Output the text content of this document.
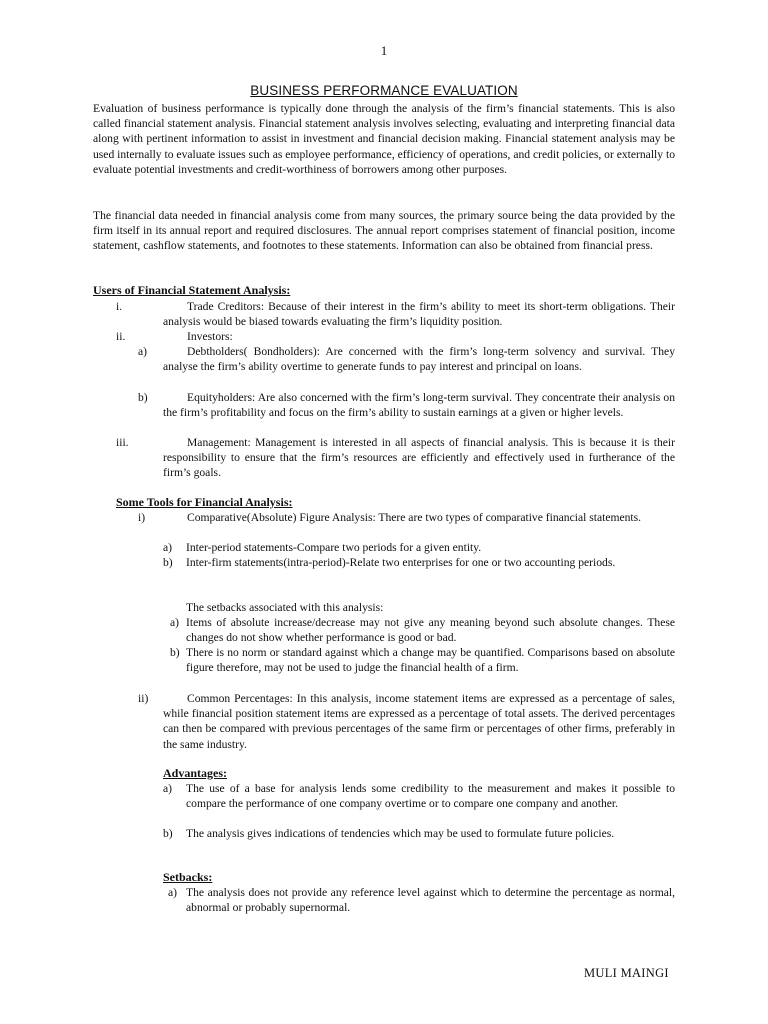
1
BUSINESS PERFORMANCE EVALUATION

Evaluation of business performance is typically done through the analysis of the firm’s financial statements. This is also called financial statement analysis. Financial statement analysis involves selecting, evaluating and interpreting financial data along with pertinent information to assist in investment and financial decision making. Financial statement analysis may be used internally to evaluate issues such as employee performance, efficiency of operations, and credit policies, or externally to evaluate potential investments and credit-worthiness of borrowers among other purposes.

The financial data needed in financial analysis come from many sources, the primary source being the data provided by the firm itself in its annual report and required disclosures. The annual report comprises statement of financial position, income statement, cashflow statements, and footnotes to these statements. Information can also be obtained from financial press.

Users of Financial Statement Analysis:
i.	Trade Creditors: Because of their interest in the firm’s ability to meet its short-term obligations. Their analysis would be biased towards evaluating the firm’s liquidity position.

ii.	Investors:

a)	Debtholders( Bondholders): Are concerned with the firm’s long-term solvency and survival. They analyse the firm’s ability overtime to generate funds to pay interest and principal on loans.

b)	Equityholders: Are also concerned with the firm’s long-term survival. They concentrate their analysis on the firm’s profitability and focus on the firm’s ability to sustain earnings at a given or higher levels.

iii.	Management: Management is interested in all aspects of financial analysis. This is because it is their responsibility to ensure that the firm’s resources are efficiently and effectively used in furtherance of the firm’s goals.

Some Tools for Financial Analysis:
i)	Comparative(Absolute) Figure Analysis: There are two types of comparative financial statements.

a) Inter-period statements-Compare two periods for a given entity.

b) Inter-firm statements(intra-period)-Relate two enterprises for one or two accounting periods.

The setbacks associated with this analysis:
a) Items of absolute increase/decrease may not give any meaning beyond such absolute changes. These changes do not show whether performance is good or bad.

b) There is no norm or standard against which a change may be quantified. Comparisons based on absolute figure therefore, may not be used to judge the financial health of a firm.

ii)	Common Percentages: In this analysis, income statement items are expressed as a percentage of sales, while financial position statement items are expressed as a percentage of total assets. The derived percentages can then be compared with previous percentages of the same firm or percentages of other firms, preferably in the same industry.

Advantages:
a) The use of a base for analysis lends some credibility to the measurement and makes it possible to compare the performance of one company overtime or to compare one company and another.

b) The analysis gives indications of tendencies which may be used to formulate future policies.

Setbacks:
a) The analysis does not provide any reference level against which to determine the percentage as normal, abnormal or probably supernormal.

MULI MAINGI
